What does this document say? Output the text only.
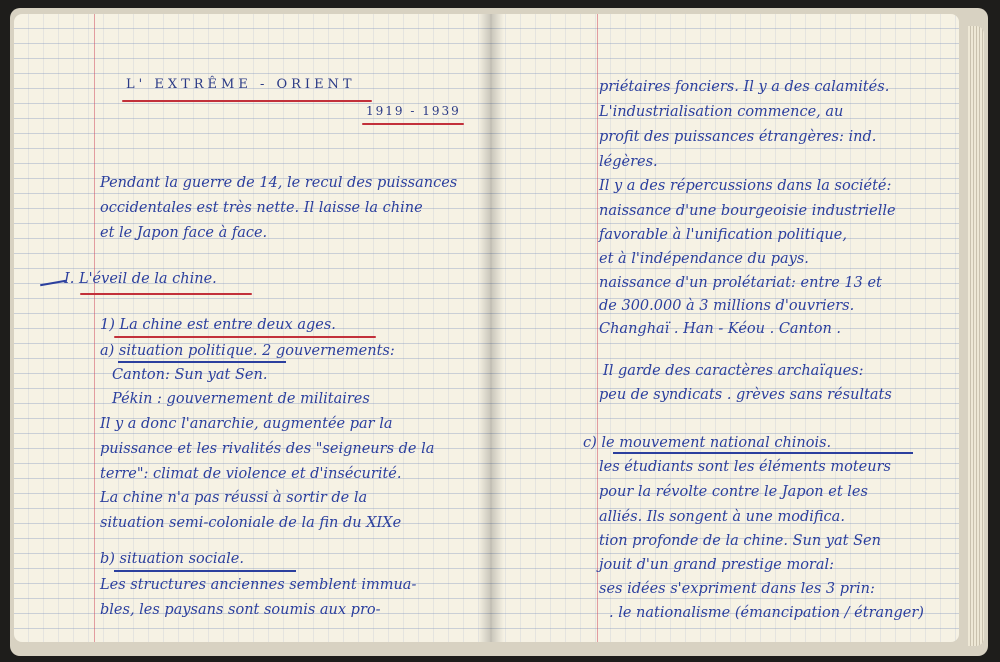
L' EXTRÊME - ORIENT
1919 - 1939
Pendant la guerre de 14, le recul des puissances
occidentales est très nette. Il laisse la chine
et le Japon face à face.
I. L'éveil de la chine.
1) La chine est entre deux ages.
a) situation politique. 2 gouvernements:
Canton: Sun yat Sen.
Pékin : gouvernement de militaires
Il y a donc l'anarchie, augmentée par la
puissance et les rivalités des "seigneurs de la
terre": climat de violence et d'insécurité.
La chine n'a pas réussi à sortir de la
situation semi-coloniale de la fin du XIXe
b) situation sociale.
Les structures anciennes semblent immua-
bles, les paysans sont soumis aux pro-
priétaires fonciers. Il y a des calamités.
L'industrialisation commence, au
profit des puissances étrangères: ind.
légères.
Il y a des répercussions dans la société:
naissance d'une bourgeoisie industrielle
favorable à l'unification politique,
et à l'indépendance du pays.
naissance d'un prolétariat: entre 13 et
de 300.000 à 3 millions d'ouvriers.
Changhaï . Han - Kéou . Canton .
Il garde des caractères archaïques:
peu de syndicats . grèves sans résultats
c) le mouvement national chinois.
les étudiants sont les éléments moteurs
pour la révolte contre le Japon et les
alliés. Ils songent à une modifica.
tion profonde de la chine. Sun yat Sen
jouit d'un grand prestige moral:
ses idées s'expriment dans les 3 prin:
. le nationalisme (émancipation / étranger)
